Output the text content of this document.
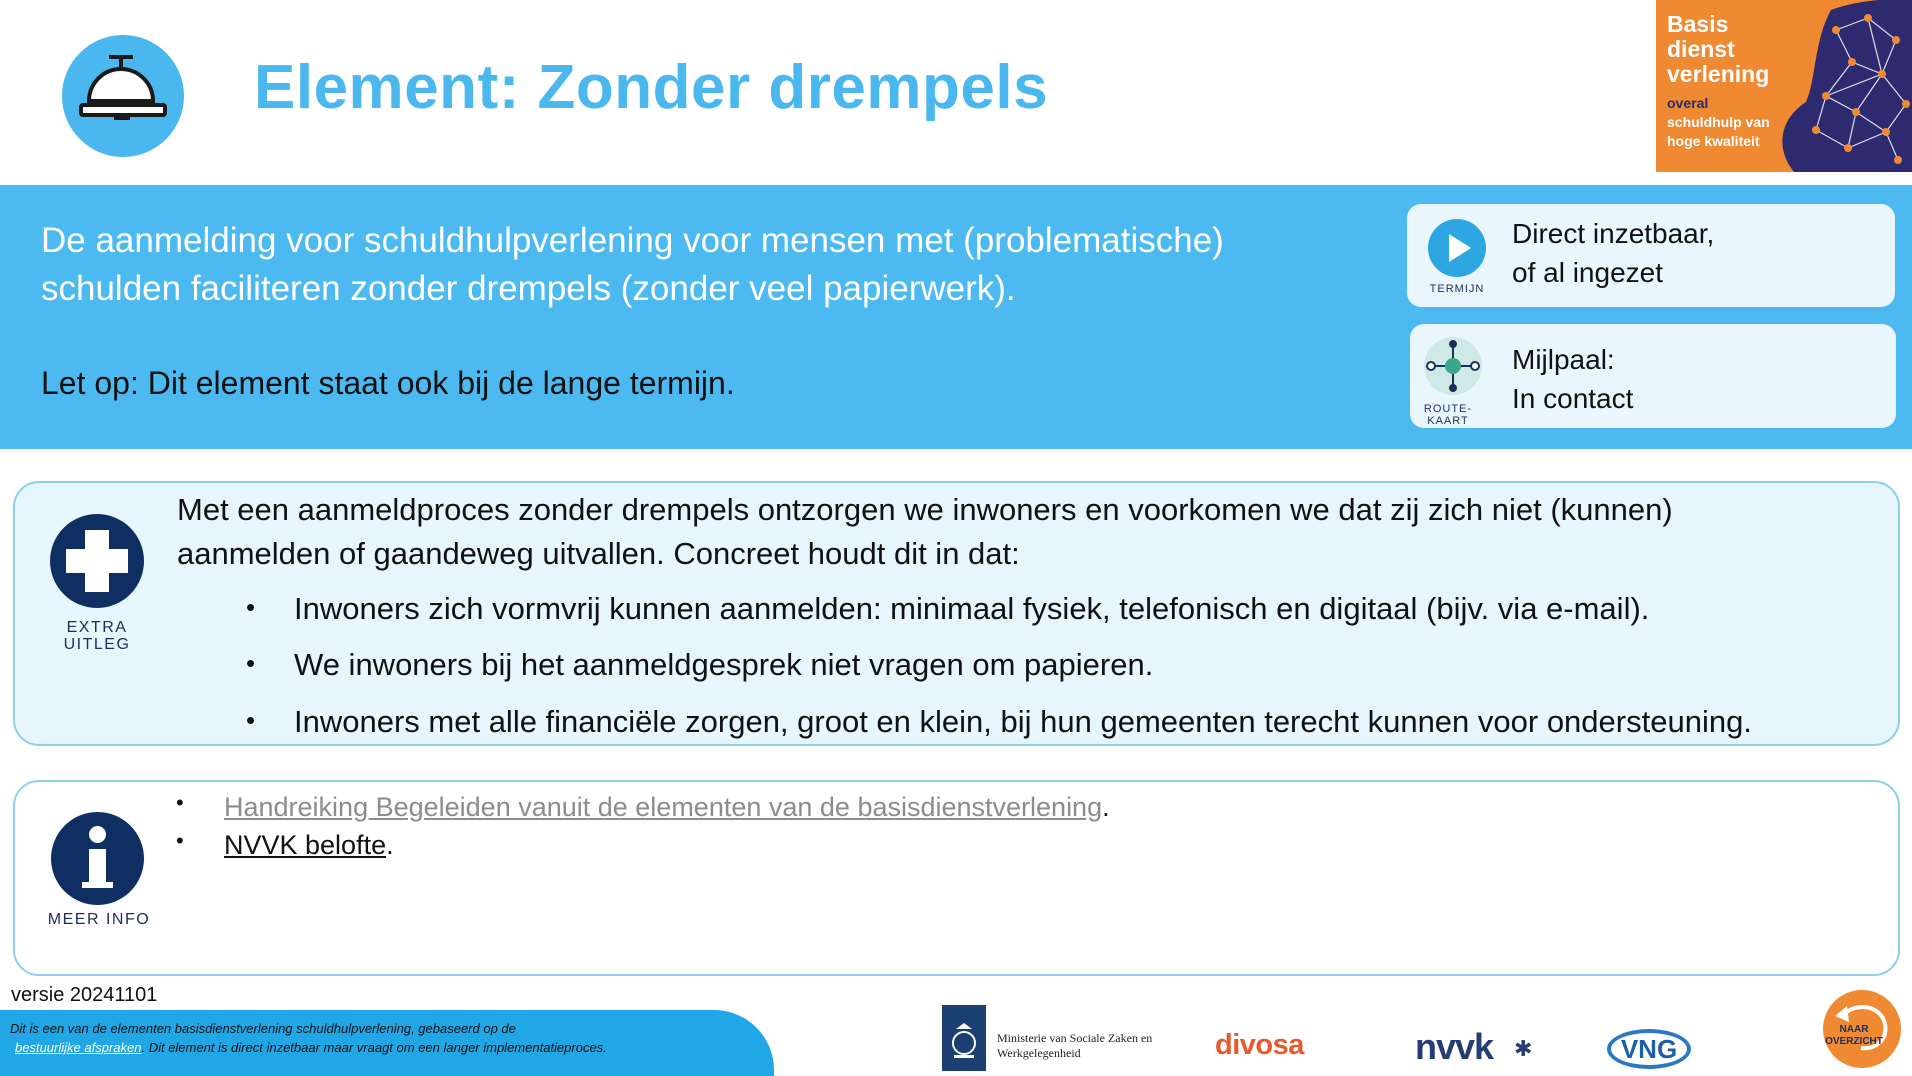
Element: Zonder drempels
Basis
dienst
verlening
overal
schuldhulp van
hoge kwaliteit
De aanmelding voor schuldhulpverlening voor mensen met (problematische)
schulden faciliteren zonder drempels (zonder veel papierwerk).
Let op: Dit element staat ook bij de lange termijn.
TERMIJN
Direct inzetbaar,
of al ingezet
ROUTE-
KAART
Mijlpaal:
In contact
EXTRA
UITLEG
Met een aanmeldproces zonder drempels ontzorgen we inwoners en voorkomen we dat zij zich niet (kunnen)
aanmelden of gaandeweg uitvallen. Concreet houdt dit in dat:
• Inwoners zich vormvrij kunnen aanmelden: minimaal fysiek, telefonisch en digitaal (bijv. via e-mail).
• We inwoners bij het aanmeldgesprek niet vragen om papieren.
• Inwoners met alle financiële zorgen, groot en klein, bij hun gemeenten terecht kunnen voor ondersteuning.
MEER INFO
• Handreiking Begeleiden vanuit de elementen van de basisdienstverlening.
• NVVK belofte.
versie 20241101
Dit is een van de elementen basisdienstverlening schuldhulpverlening, gebaseerd op de
bestuurlijke afspraken. Dit element is direct inzetbaar maar vraagt om een langer implementatieproces.
Ministerie van Sociale Zaken en
Werkgelegenheid	divosa	nvvk ✱	VNG
NAAR
OVERZICHT
